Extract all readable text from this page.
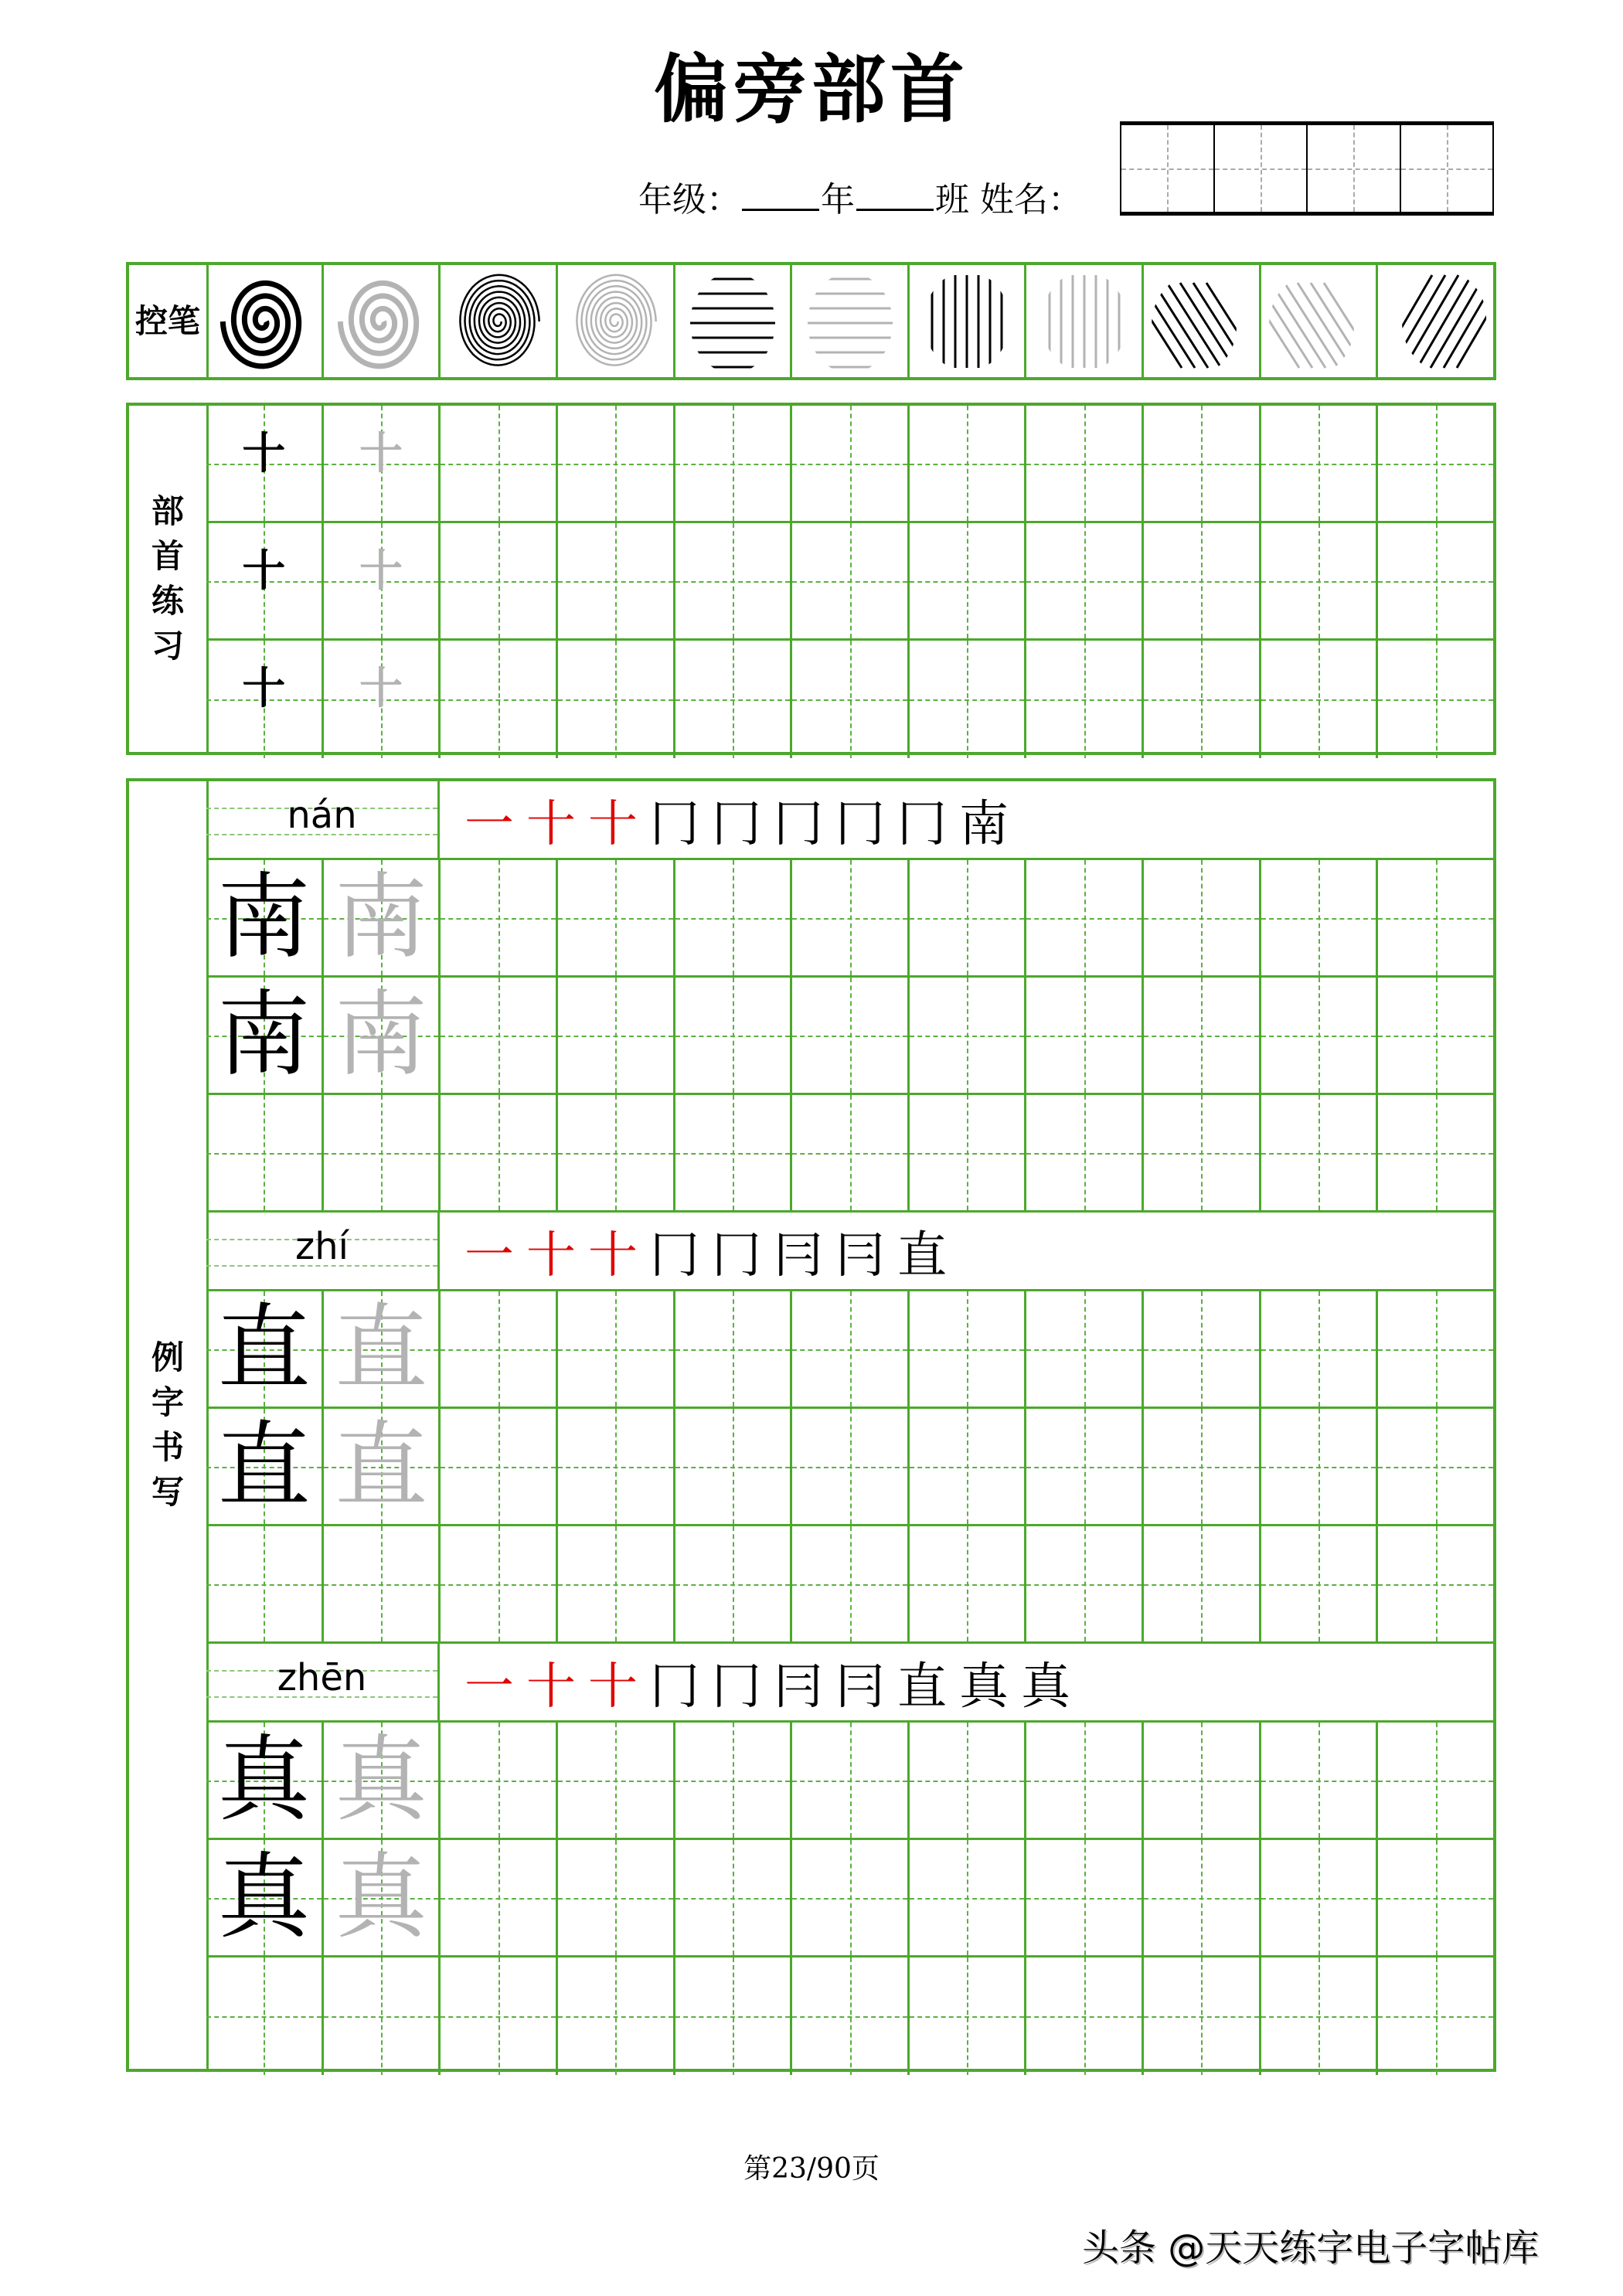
偏旁部首
年级： 年 班 姓名：
控笔
部
首
练
习
十	十
十	十
十	十
例
字
书
写
nán	一 十 十 冂 冂 冂 冂 冂 南
南 南
南 南
zhí	一 十 十 冂 冂 冃 冃 直
直 直
直 直
zhēn	一 十 十 冂 冂 冃 冃 直 真 真
真 真
真 真
第23/90页
头条 @天天练字电子字帖库
